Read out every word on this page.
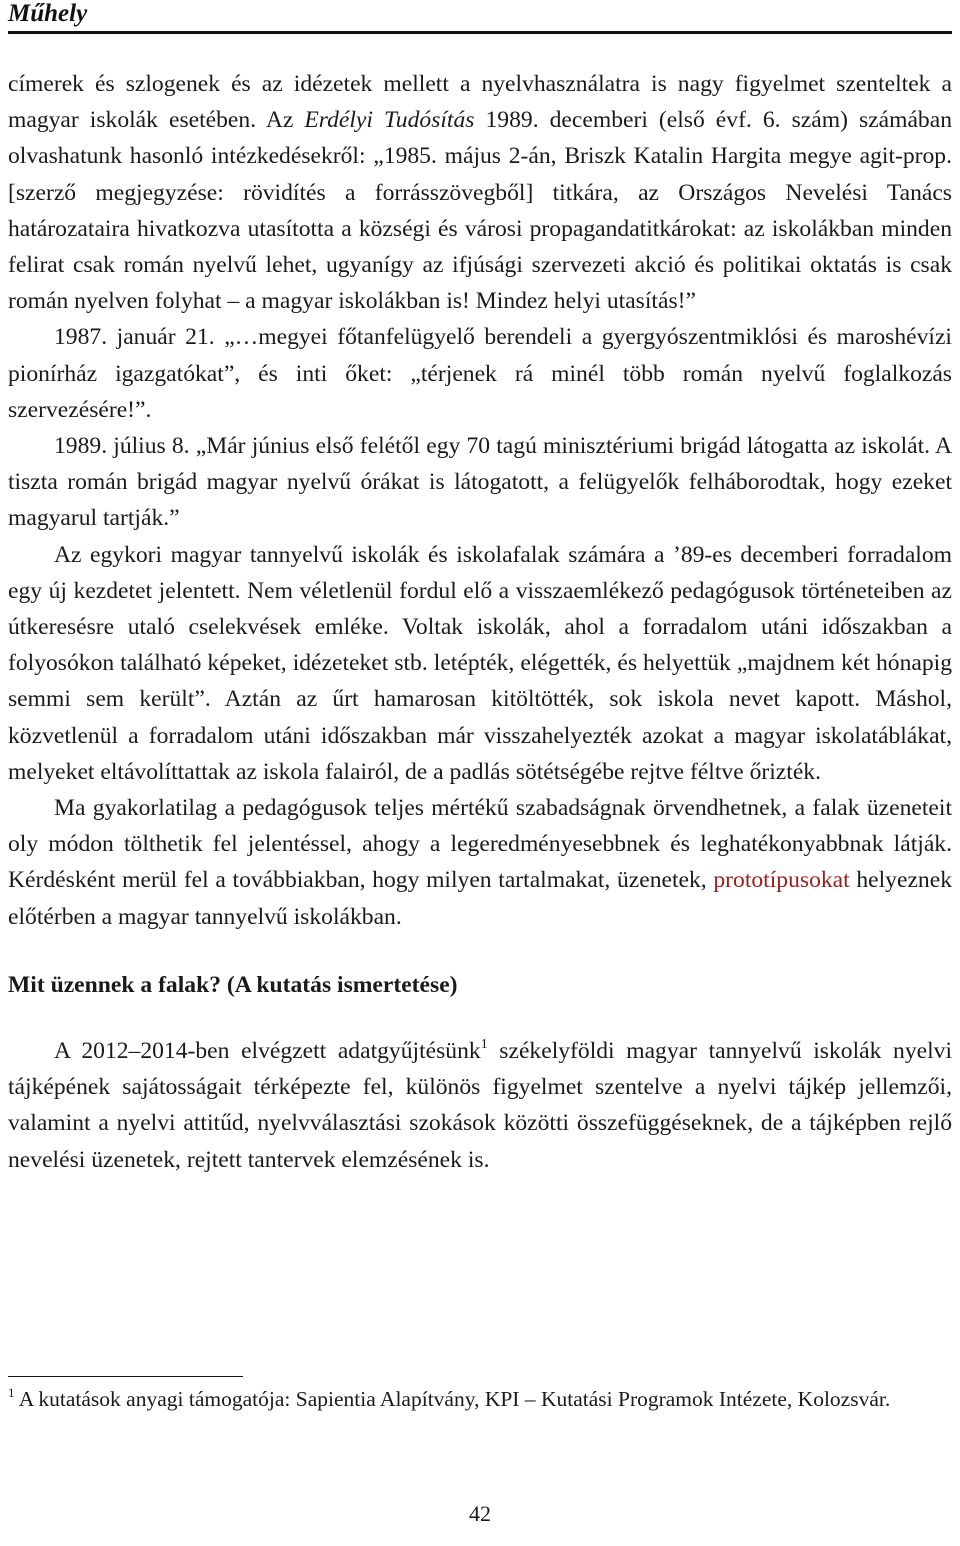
Műhely

címerek és szlogenek és az idézetek mellett a nyelvhasználatra is nagy figyelmet szenteltek a magyar iskolák esetében. Az Erdélyi Tudósítás 1989. decemberi (első évf. 6. szám) számában olvashatunk hasonló intézkedésekről: „1985. május 2-án, Briszk Katalin Hargita megye agit-prop. [szerző megjegyzése: rövidítés a forrásszövegből] titkára, az Országos Nevelési Tanács határozataira hivatkozva utasította a községi és városi propagandatitkárokat: az iskolákban minden felirat csak román nyelvű lehet, ugyanígy az ifjúsági szervezeti akció és politikai oktatás is csak román nyelven folyhat – a magyar iskolákban is! Mindez helyi utasítás!”

1987. január 21. „…megyei főtanfelügyelő berendeli a gyergyószentmiklósi és maroshévízi pionírház igazgatókat”, és inti őket: „térjenek rá minél több román nyelvű foglalkozás szervezésére!”.

1989. július 8. „Már június első felétől egy 70 tagú minisztériumi brigád látogatta az iskolát. A tiszta román brigád magyar nyelvű órákat is látogatott, a felügyelők felháborodtak, hogy ezeket magyarul tartják.”

Az egykori magyar tannyelvű iskolák és iskolafalak számára a ’89-es decemberi forradalom egy új kezdetet jelentett. Nem véletlenül fordul elő a visszaemlékező pedagógusok történeteiben az útkeresésre utaló cselekvések emléke. Voltak iskolák, ahol a forradalom utáni időszakban a folyosókon található képeket, idézeteket stb. letépték, elégették, és helyettük „majdnem két hónapig semmi sem került”. Aztán az űrt hamarosan kitöltötték, sok iskola nevet kapott. Máshol, közvetlenül a forradalom utáni időszakban már visszahelyezték azokat a magyar iskolatáblákat, melyeket eltávolíttattak az iskola falairól, de a padlás sötétségébe rejtve féltve őrizték.

Ma gyakorlatilag a pedagógusok teljes mértékű szabadságnak örvendhetnek, a falak üzeneteit oly módon tölthetik fel jelentéssel, ahogy a legeredményesebbnek és leghatékonyabbnak látják. Kérdésként merül fel a továbbiakban, hogy milyen tartalmakat, üzenetek, prototípusokat helyeznek előtérben a magyar tannyelvű iskolákban.

Mit üzennek a falak? (A kutatás ismertetése)

A 2012–2014-ben elvégzett adatgyűjtésünk$^1$ székelyföldi magyar tannyelvű iskolák nyelvi tájképének sajátosságait térképezte fel, különös figyelmet szentelve a nyelvi tájkép jellemzői, valamint a nyelvi attitűd, nyelvválasztási szokások közötti összefüggéseknek, de a tájképben rejlő nevelési üzenetek, rejtett tantervek elemzésének is.

$^1$ A kutatások anyagi támogatója: Sapientia Alapítvány, KPI – Kutatási Programok Intézete, Kolozsvár.
42
